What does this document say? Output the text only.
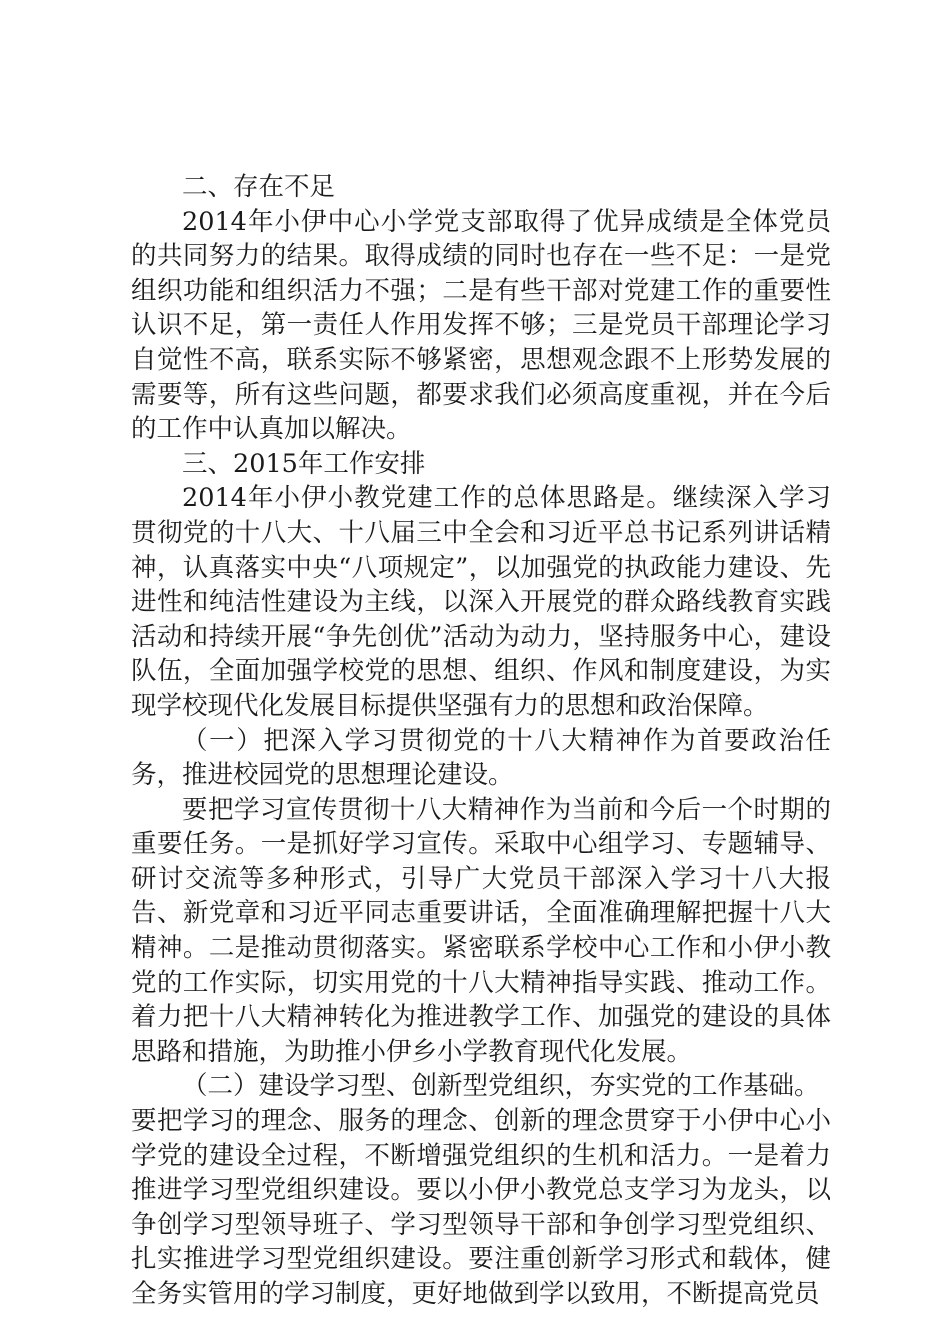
二、存在不足

2014年小伊中心小学党支部取得了优异成绩是全体党员的共同努力的结果。取得成绩的同时也存在一些不足：一是党组织功能和组织活力不强；二是有些干部对党建工作的重要性认识不足，第一责任人作用发挥不够；三是党员干部理论学习自觉性不高，联系实际不够紧密，思想观念跟不上形势发展的需要等，所有这些问题，都要求我们必须高度重视，并在今后的工作中认真加以解决。

三、2015年工作安排

2014年小伊小教党建工作的总体思路是。继续深入学习贯彻党的十八大、十八届三中全会和习近平总书记系列讲话精神，认真落实中央“八项规定”，以加强党的执政能力建设、先进性和纯洁性建设为主线，以深入开展党的群众路线教育实践活动和持续开展“争先创优”活动为动力，坚持服务中心，建设队伍，全面加强学校党的思想、组织、作风和制度建设，为实现学校现代化发展目标提供坚强有力的思想和政治保障。

（一）把深入学习贯彻党的十八大精神作为首要政治任务，推进校园党的思想理论建设。

要把学习宣传贯彻十八大精神作为当前和今后一个时期的重要任务。一是抓好学习宣传。采取中心组学习、专题辅导、研讨交流等多种形式，引导广大党员干部深入学习十八大报告、新党章和习近平同志重要讲话，全面准确理解把握十八大精神。二是推动贯彻落实。紧密联系学校中心工作和小伊小教党的工作实际，切实用党的十八大精神指导实践、推动工作。着力把十八大精神转化为推进教学工作、加强党的建设的具体思路和措施，为助推小伊乡小学教育现代化发展。

（二）建设学习型、创新型党组织，夯实党的工作基础。

要把学习的理念、服务的理念、创新的理念贯穿于小伊中心小学党的建设全过程，不断增强党组织的生机和活力。一是着力推进学习型党组织建设。要以小伊小教党总支学习为龙头，以争创学习型领导班子、学习型领导干部和争创学习型党组织、扎实推进学习型党组织建设。要注重创新学习形式和载体，健全务实管用的学习制度，更好地做到学以致用，不断提高党员
